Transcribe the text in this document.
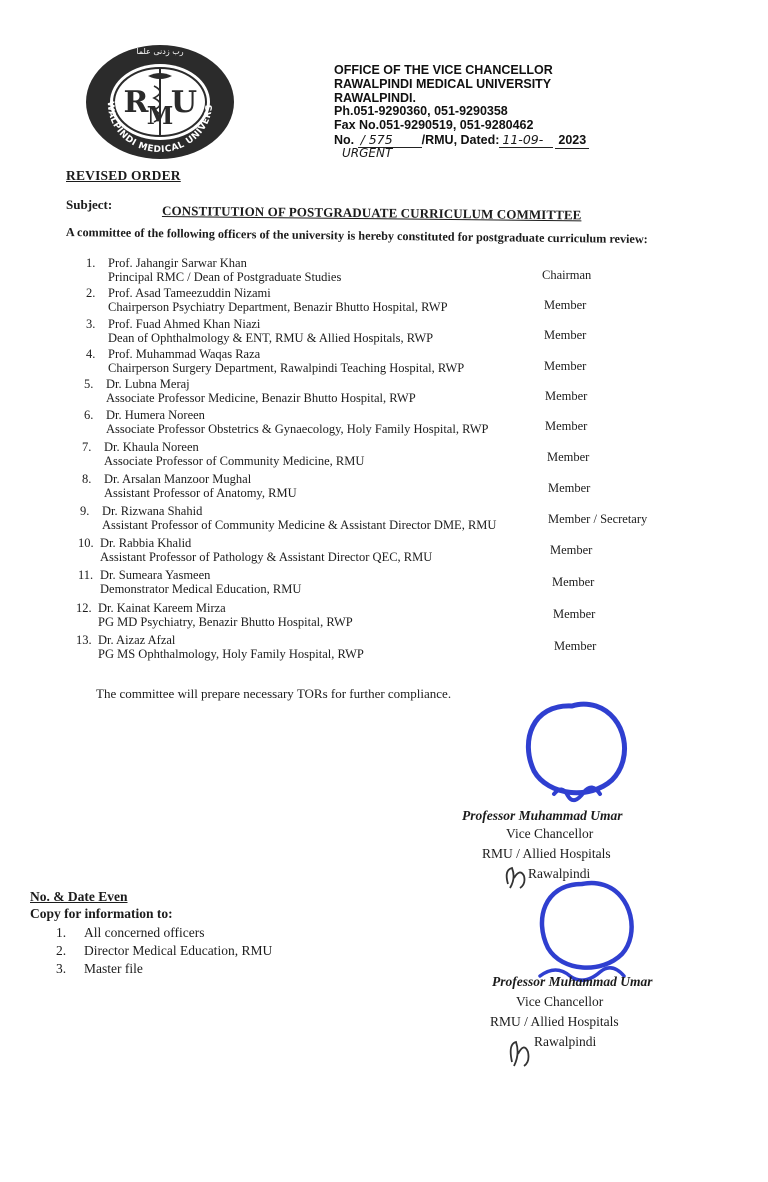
رب زدنی علما
WALPINDI MEDICAL UNIVERS
R
M
U
OFFICE OF THE VICE CHANCELLOR
RAWALPINDI MEDICAL UNIVERSITY
RAWALPINDI.
Ph.051-9290360, 051-9290358
Fax No.051-9290519, 051-9280462
No. / 575 /RMU, Dated: 11-09- 2023
URGENT
REVISED ORDER
Subject:	CONSTITUTION OF POSTGRADUATE CURRICULUM COMMITTEE
A committee of the following officers of the university is hereby constituted for postgraduate curriculum review:
1. Prof. Jahangir Sarwar Khan
Principal RMC / Dean of Postgraduate Studies	Chairman
2. Prof. Asad Tameezuddin Nizami
Chairperson Psychiatry Department, Benazir Bhutto Hospital, RWP	Member
3. Prof. Fuad Ahmed Khan Niazi
Dean of Ophthalmology & ENT, RMU & Allied Hospitals, RWP	Member
4. Prof. Muhammad Waqas Raza
Chairperson Surgery Department, Rawalpindi Teaching Hospital, RWP	Member
5. Dr. Lubna Meraj
Associate Professor Medicine, Benazir Bhutto Hospital, RWP	Member
6. Dr. Humera Noreen
Associate Professor Obstetrics & Gynaecology, Holy Family Hospital, RWP	Member
7. Dr. Khaula Noreen
Associate Professor of Community Medicine, RMU	Member
8. Dr. Arsalan Manzoor Mughal
Assistant Professor of Anatomy, RMU	Member
9. Dr. Rizwana Shahid
Assistant Professor of Community Medicine & Assistant Director DME, RMU	Member / Secretary
10. Dr. Rabbia Khalid
Assistant Professor of Pathology & Assistant Director QEC, RMU	Member
11. Dr. Sumeara Yasmeen
Demonstrator Medical Education, RMU	Member
12. Dr. Kainat Kareem Mirza
PG MD Psychiatry, Benazir Bhutto Hospital, RWP
Member
13. Dr. Aizaz Afzal
PG MS Ophthalmology, Holy Family Hospital, RWP
Member
The committee will prepare necessary TORs for further compliance.
Professor Muhammad Umar
Vice Chancellor
RMU / Allied Hospitals
Rawalpindi
Professor Muhammad Umar
Vice Chancellor
RMU / Allied Hospitals
Rawalpindi
No. & Date Even
Copy for information to:
1. All concerned officers
2. Director Medical Education, RMU
3. Master file
